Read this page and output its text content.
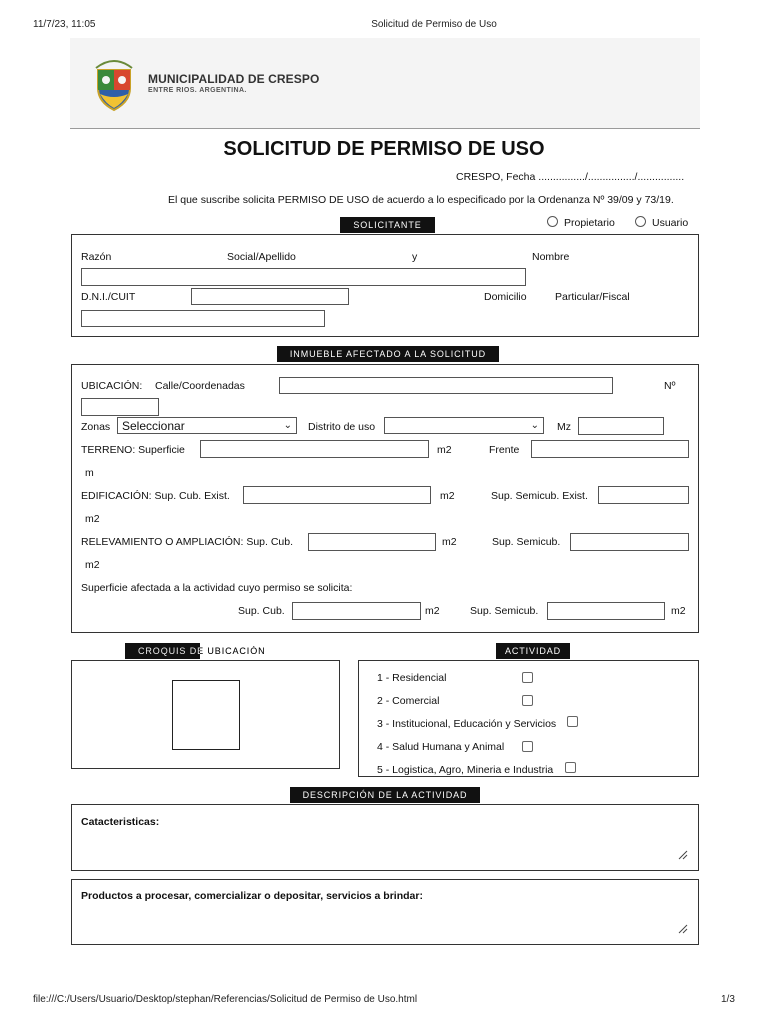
11/7/23, 11:05	Solicitud de Permiso de Uso
MUNICIPALIDAD DE CRESPO
ENTRE RIOS. ARGENTINA.
SOLICITUD DE PERMISO DE USO
CRESPO, Fecha ................/................/................
El que suscribe solicita PERMISO DE USO de acuerdo a lo especificado por la Ordenanza Nº 39/09 y 73/19.
SOLICITANTE	Propietario	Usuario
Razón	Social/Apellido	y	Nombre
D.N.I./CUIT	Domicilio	Particular/Fiscal
INMUEBLE AFECTADO A LA SOLICITUD
UBICACIÓN: Calle/Coordenadas	Nº
Zonas Seleccionar	⌄ Distrito de uso	⌄ Mz
TERRENO: Superficie	m2	Frente
m
EDIFICACIÓN: Sup. Cub. Exist.	m2	Sup. Semicub. Exist.
m2
RELEVAMIENTO O AMPLIACIÓN: Sup. Cub.	m2	Sup. Semicub.
m2
Superficie afectada a la actividad cuyo permiso se solicita:
Sup. Cub.	m2	Sup. Semicub.	m2
CROQUIS DE UBICACIÓN	ACTIVIDAD
1 - Residencial
2 - Comercial
3 - Institucional, Educación y Servicios
4 - Salud Humana y Animal
5 - Logistica, Agro, Mineria e Industria
DESCRIPCIÓN DE LA ACTIVIDAD
Catacteristicas:
Productos a procesar, comercializar o depositar, servicios a brindar:
file:///C:/Users/Usuario/Desktop/stephan/Referencias/Solicitud de Permiso de Uso.html	1/3
